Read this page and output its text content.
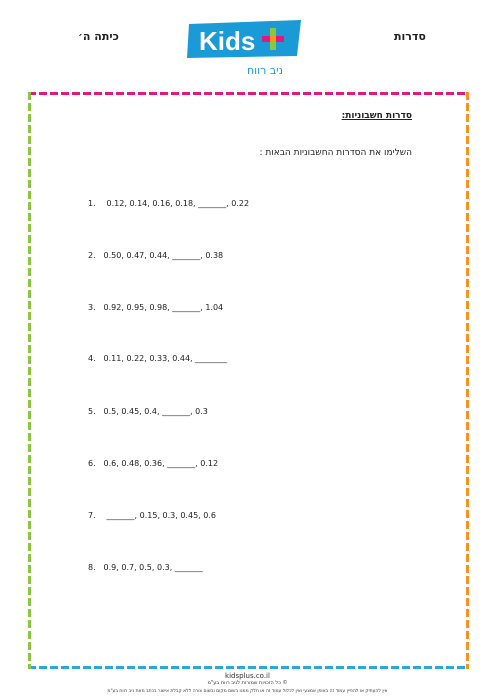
כיתה ה׳	סדרות
Kids
ניב רווח
סדרות חשבוניות:
השלימו את הסדרות החשבוניות הבאות :
1. 0.12, 0.14, 0.16, 0.18, _______, 0.22
2. 0.50, 0.47, 0.44, _______, 0.38
3. 0.92, 0.95, 0.98, _______, 1.04
4. 0.11, 0.22, 0.33, 0.44, ________
5. 0.5, 0.45, 0.4, _______, 0.3
6. 0.6, 0.48, 0.36, _______, 0.12
7. _______, 0.15, 0.3, 0.45, 0.6
8. 0.9, 0.7, 0.5, 0.3, _______
kidsplus.co.il
© כל הזכויות שמורות לניב רווח בע"מ
אין להעתיק או להפיץ עמוד זה באופן אמצעי ואין לכלול עמוד זה או חלק ממנו בשום מקום ובשום צורה ללא קבלת אישור בכתב מאת ניב רווח בע"מ
